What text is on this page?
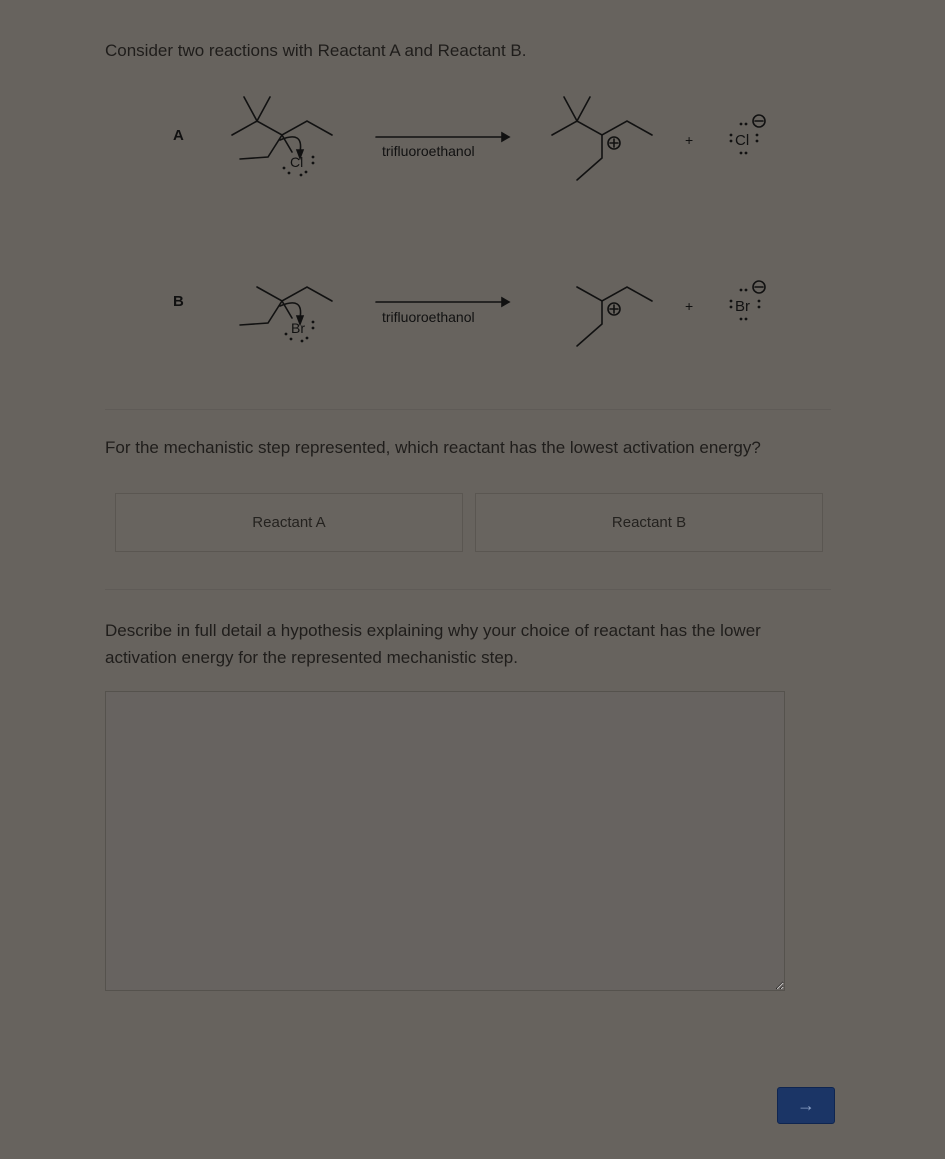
Consider two reactions with Reactant A and Reactant B.
A
Cl
trifluoroethanol
+	Cl
B
Br
trifluoroethanol
+	Br
For the mechanistic step represented, which reactant has the lowest activation energy?
Reactant A	Reactant B
Describe in full detail a hypothesis explaining why your choice of reactant has the lower activation energy for the represented mechanistic step.
→
